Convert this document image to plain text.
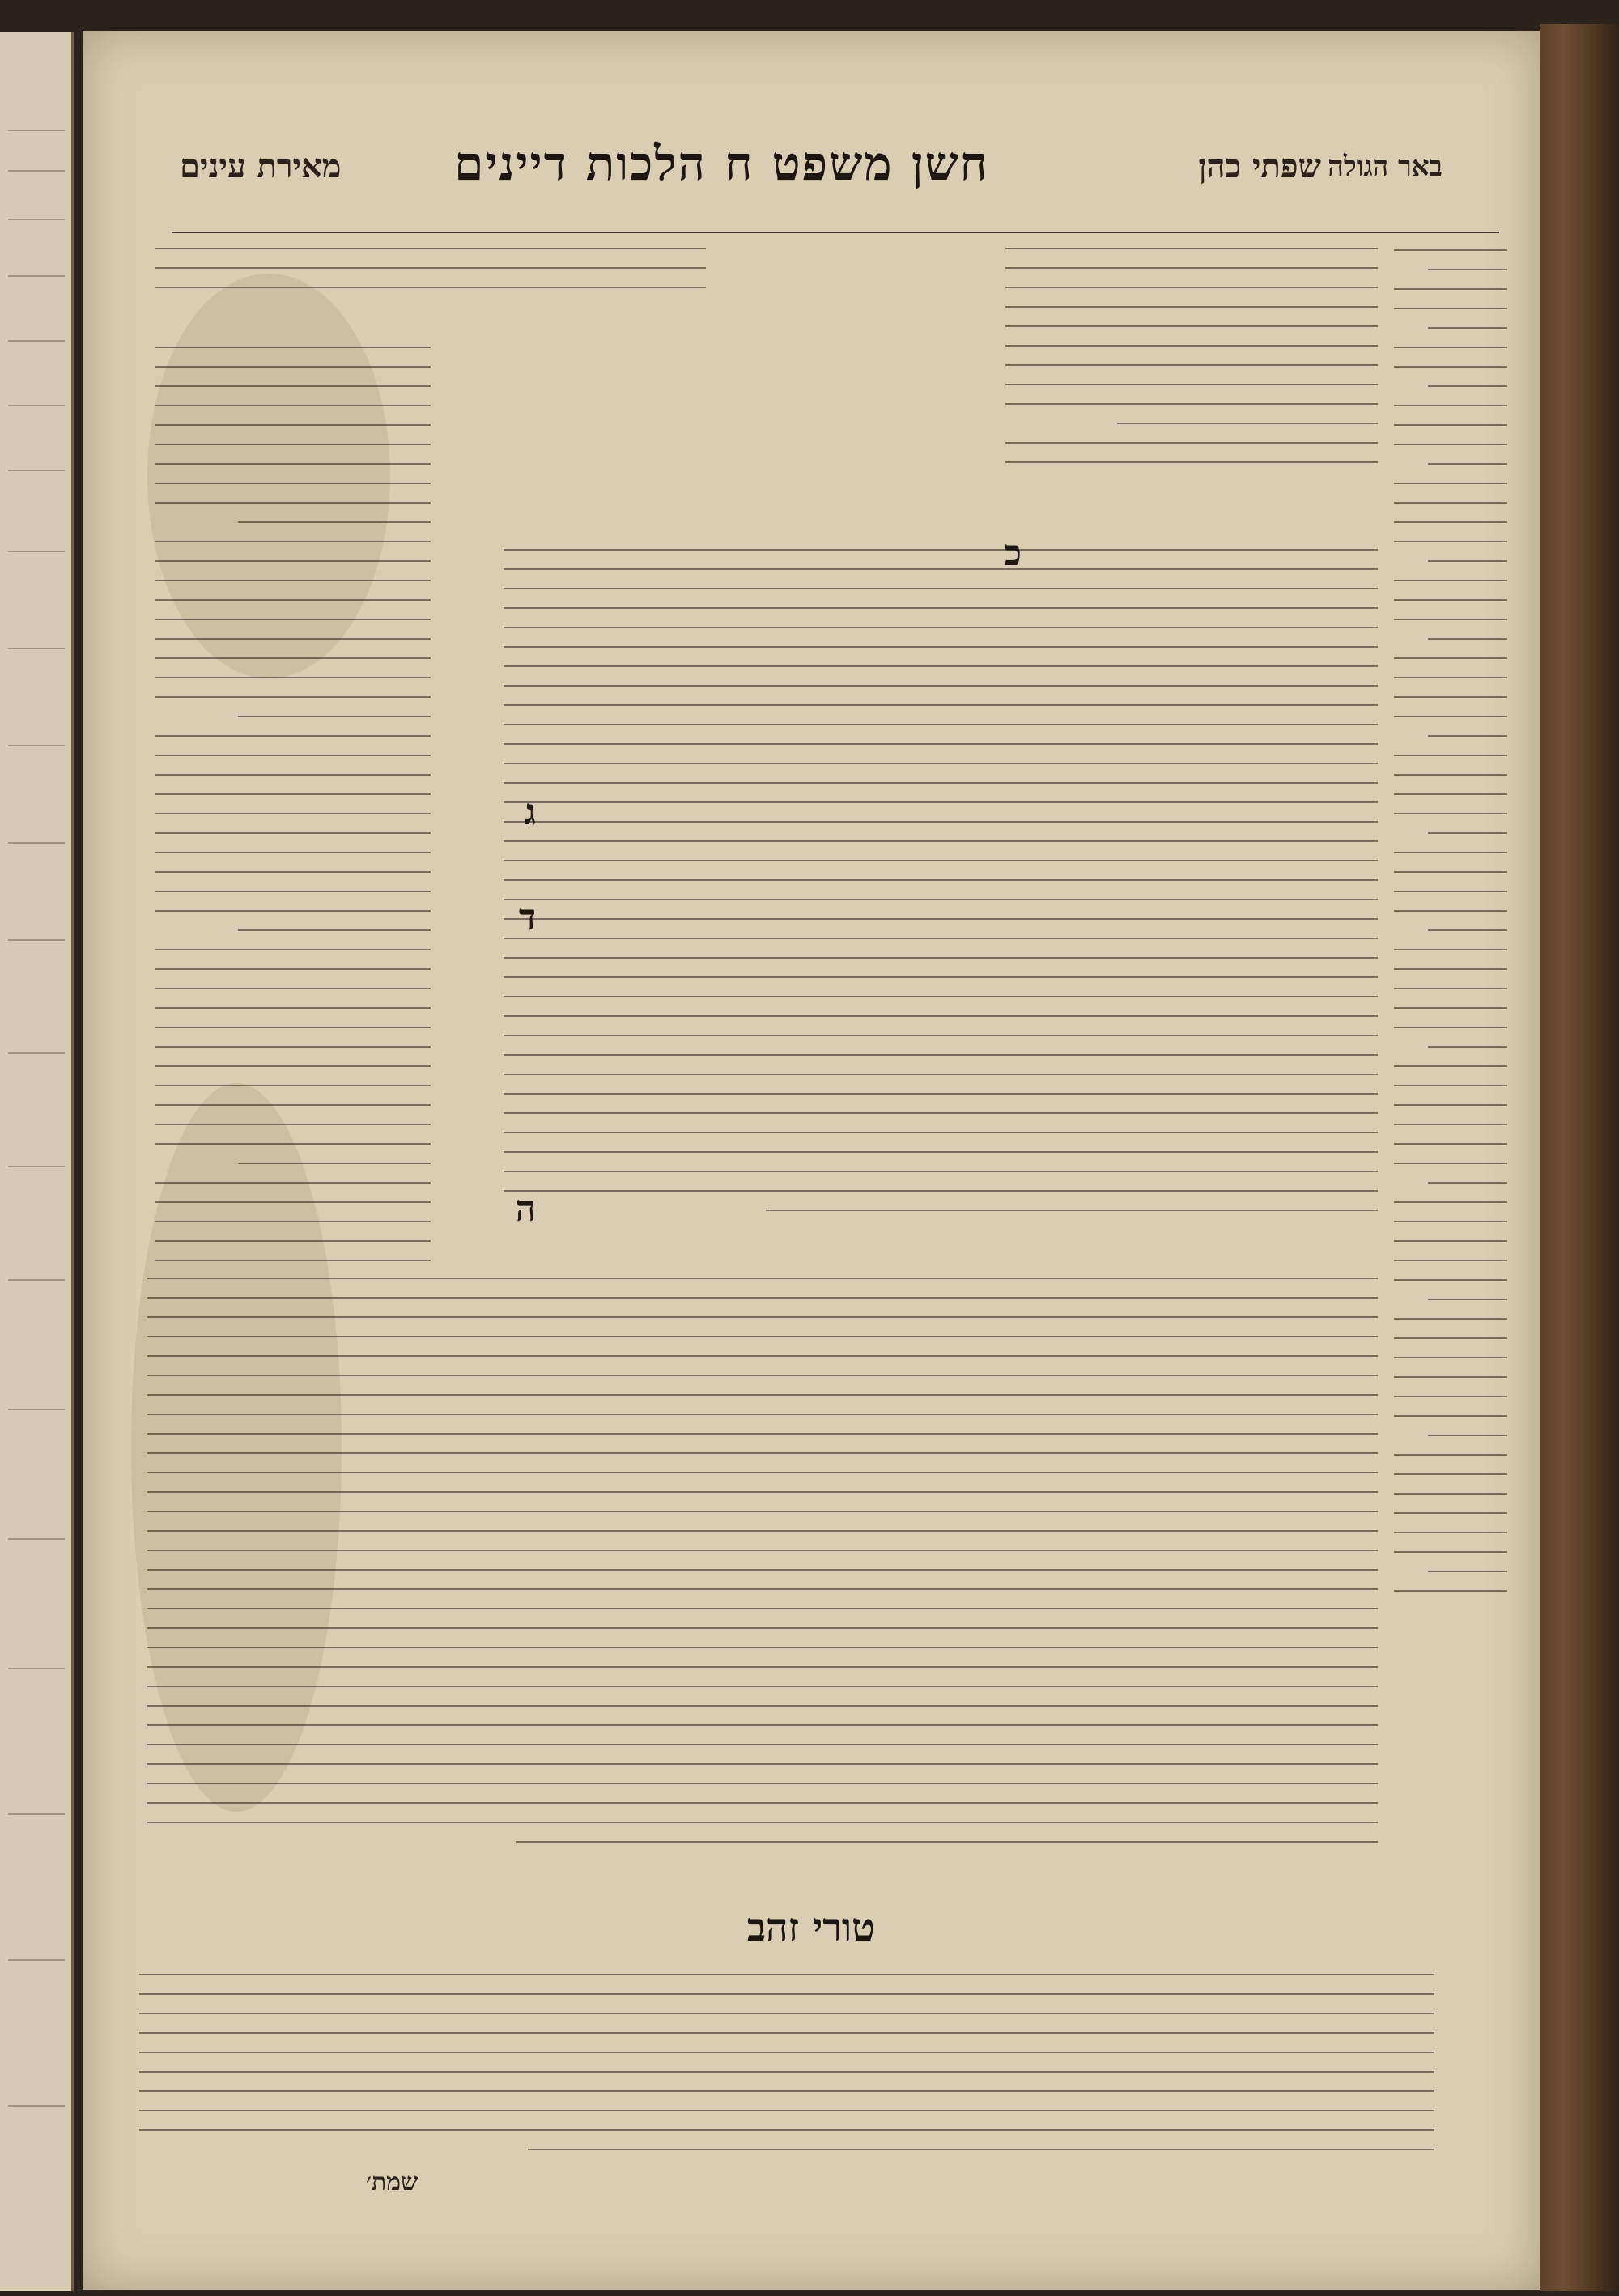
באר הגולה
שפתי כהן
חשן משפט ח הלכות דיינים
מאירת עינים
כ
ג
ד
ה
טורי זהב
שמת׳
